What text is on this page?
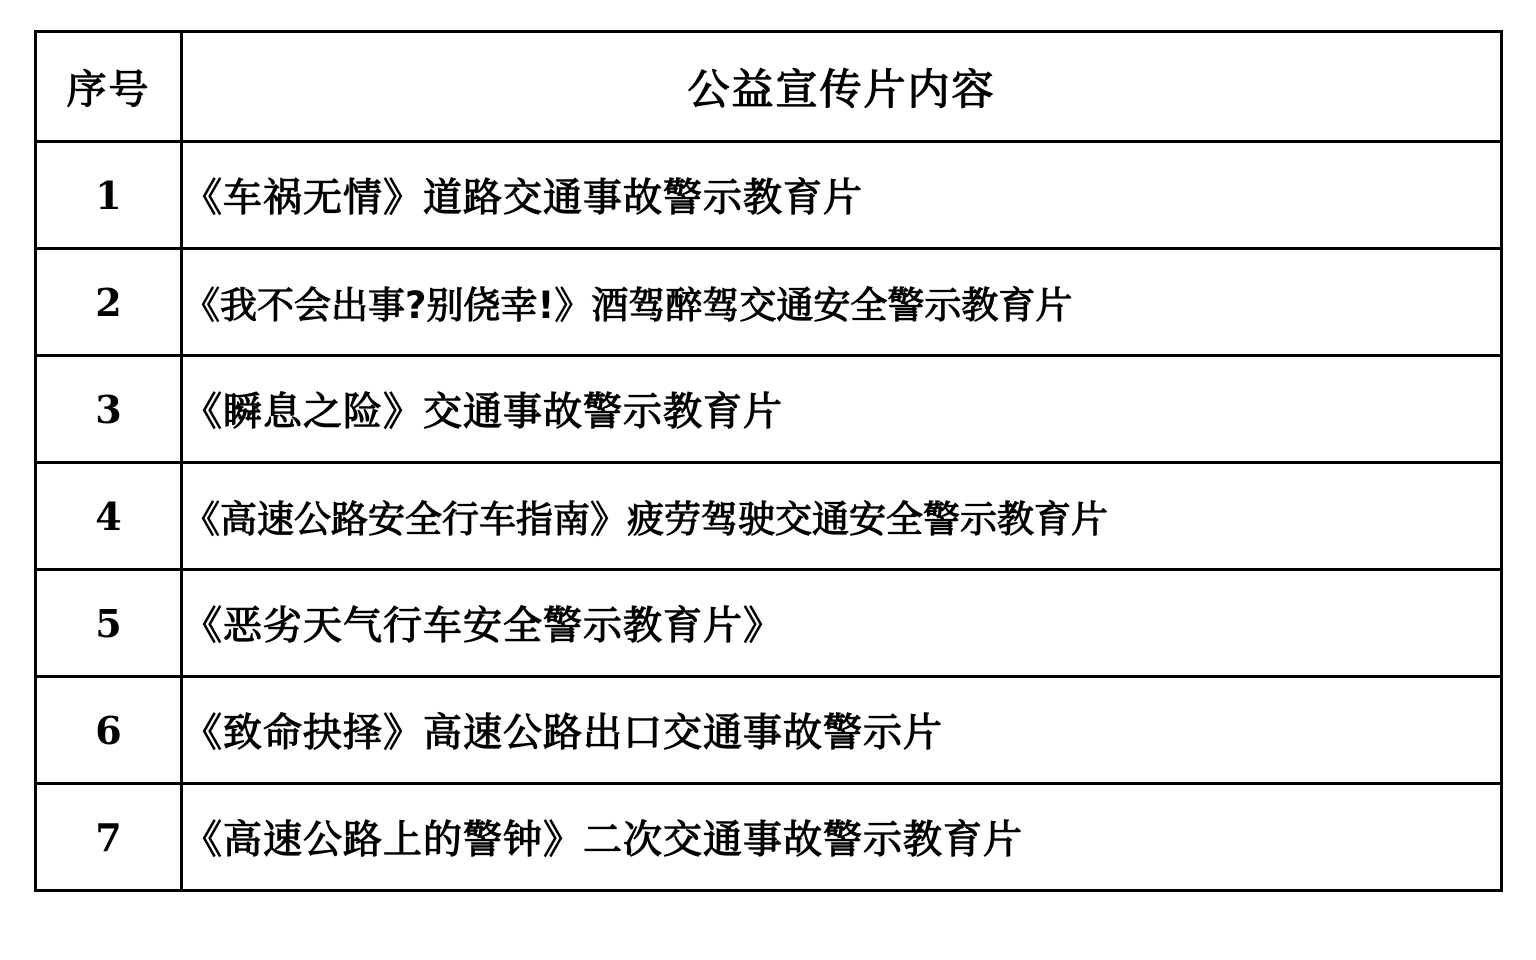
序号	公益宣传片内容
1	《车祸无情》道路交通事故警示教育片
2	《我不会出事?别侥幸!》酒驾醉驾交通安全警示教育片
3	《瞬息之险》交通事故警示教育片
4	《高速公路安全行车指南》疲劳驾驶交通安全警示教育片
5	《恶劣天气行车安全警示教育片》
6	《致命抉择》高速公路出口交通事故警示片
7	《高速公路上的警钟》二次交通事故警示教育片
